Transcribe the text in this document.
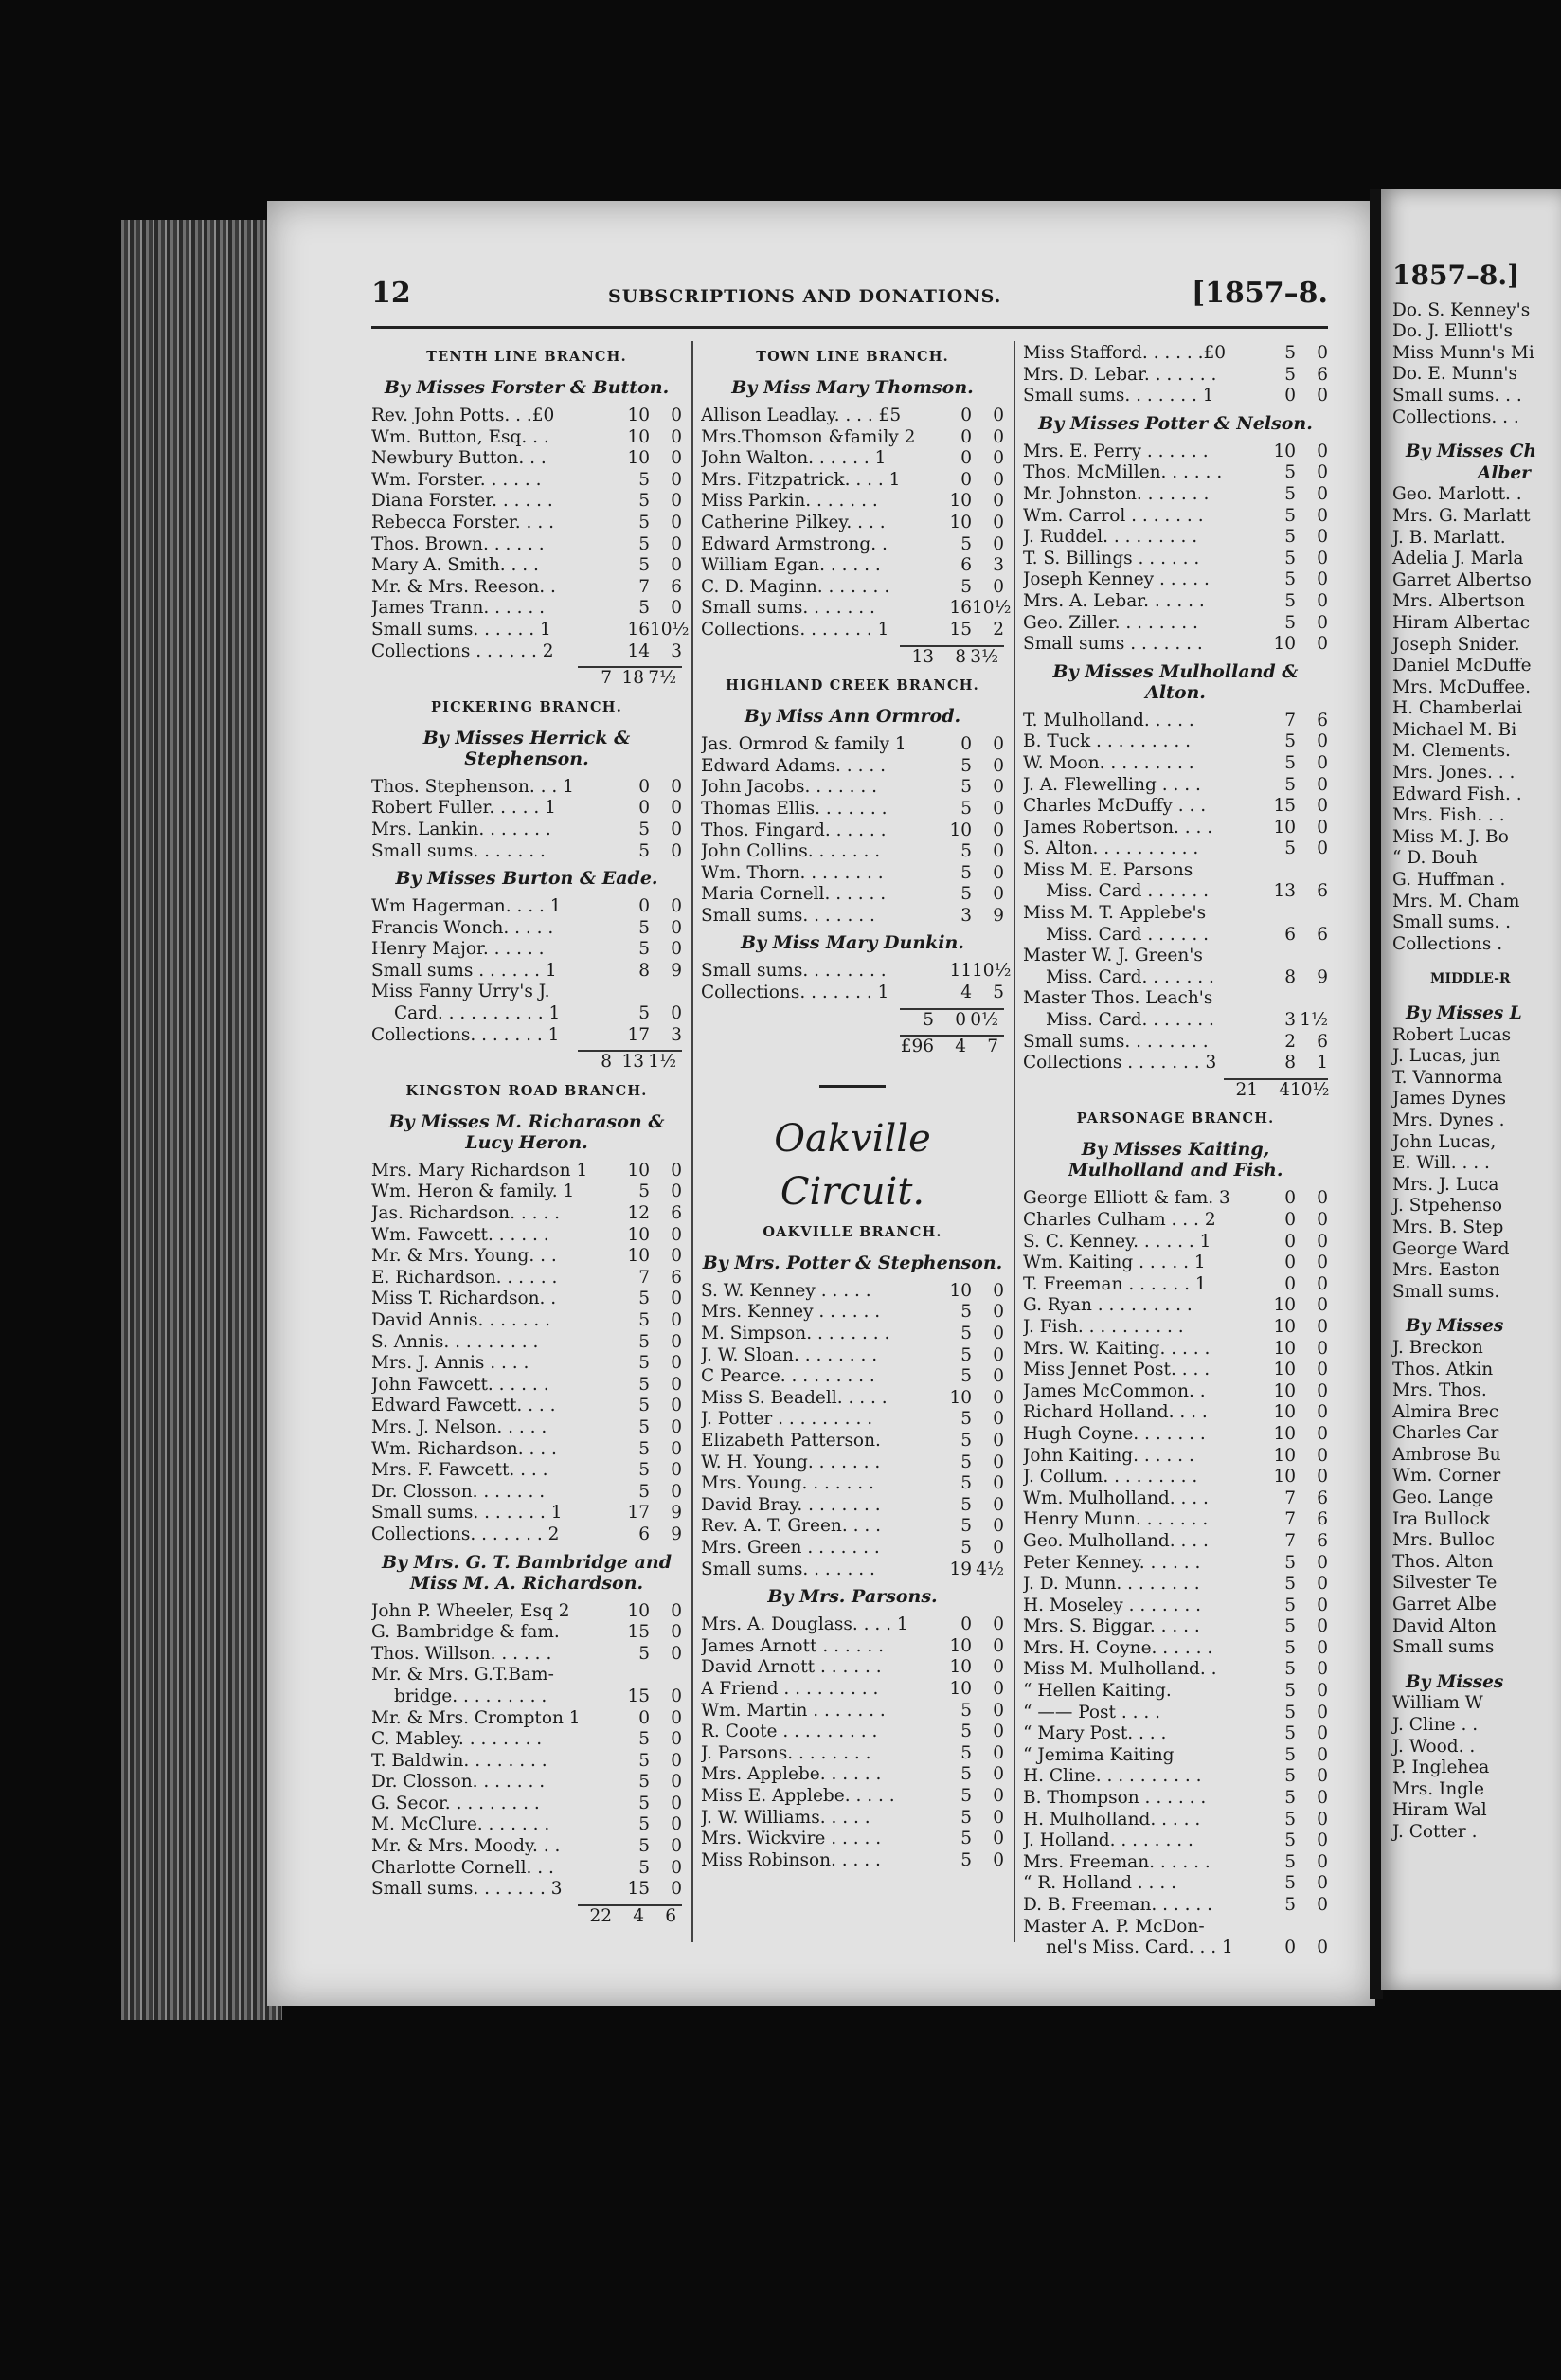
12	SUBSCRIPTIONS AND DONATIONS.	[1857–8.
TENTH LINE BRANCH.
By Misses Forster & Button.
Rev. John Potts. . .£0	10	0
Wm. Button, Esq. . .	10	0
Newbury Button. . .	10	0
Wm. Forster. . . . . .	5	0
Diana Forster. . . . . .	5	0
Rebecca Forster. . . .	5	0
Thos. Brown. . . . . .	5	0
Mary A. Smith. . . .	5	0
Mr. & Mrs. Reeson. .	7	6
James Trann. . . . . .	5	0
Small sums. . . . . . 1	16 10½
Collections . . . . . . 2	14	3
7 18 7½
PICKERING BRANCH.
By Misses Herrick & Stephenson.
Thos. Stephenson. . . 1	0	0
Robert Fuller. . . . . 1	0	0
Mrs. Lankin. . . . . . .	5	0
Small sums. . . . . . .	5	0
By Misses Burton & Eade.
Wm Hagerman. . . . 1	0	0
Francis Wonch. . . . .	5	0
Henry Major. . . . . .	5	0
Small sums . . . . . . 1	8	9
Miss Fanny Urry's J.
Card. . . . . . . . . . 1	5	0
Collections. . . . . . . 1	17	3
8 13 1½
KINGSTON ROAD BRANCH.
By Misses M. Richarason & Lucy Heron.
Mrs. Mary Richardson 1	10	0
Wm. Heron & family. 1	5	0
Jas. Richardson. . . . .	12	6
Wm. Fawcett. . . . . .	10	0
Mr. & Mrs. Young. . .	10	0
E. Richardson. . . . . .	7	6
Miss T. Richardson. .	5	0
David Annis. . . . . . .	5	0
S. Annis. . . . . . . . .	5	0
Mrs. J. Annis . . . .	5	0
John Fawcett. . . . . .	5	0
Edward Fawcett. . . .	5	0
Mrs. J. Nelson. . . . .	5	0
Wm. Richardson. . . .	5	0
Mrs. F. Fawcett. . . .	5	0
Dr. Closson. . . . . . .	5	0
Small sums. . . . . . . 1	17	9
Collections. . . . . . . 2	6	9
By Mrs. G. T. Bambridge and Miss M. A. Richardson.
John P. Wheeler, Esq 2	10	0
G. Bambridge & fam.	15	0
Thos. Willson. . . . . .	5	0
Mr. & Mrs. G.T.Bam-
bridge. . . . . . . . .	15	0
Mr. & Mrs. Crompton 1	0	0
C. Mabley. . . . . . . .	5	0
T. Baldwin. . . . . . . .	5	0
Dr. Closson. . . . . . .	5	0
G. Secor. . . . . . . . .	5	0
M. McClure. . . . . . .	5	0
Mr. & Mrs. Moody. . .	5	0
Charlotte Cornell. . .	5	0
Small sums. . . . . . . 3	15	0
22	4	6
TOWN LINE BRANCH.
By Miss Mary Thomson.
Allison Leadlay. . . . £5	0	0
Mrs.Thomson &family 2	0	0
John Walton. . . . . . 1	0	0
Mrs. Fitzpatrick. . . . 1	0	0
Miss Parkin. . . . . . .	10	0
Catherine Pilkey. . . .	10	0
Edward Armstrong. .	5	0
William Egan. . . . . .	6	3
C. D. Maginn. . . . . . .	5	0
Small sums. . . . . . .	16 10½
Collections. . . . . . . 1	15	2
13	8 3½
HIGHLAND CREEK BRANCH.
By Miss Ann Ormrod.
Jas. Ormrod & family 1	0	0
Edward Adams. . . . .	5	0
John Jacobs. . . . . . .	5	0
Thomas Ellis. . . . . . .	5	0
Thos. Fingard. . . . . .	10	0
John Collins. . . . . . .	5	0
Wm. Thorn. . . . . . . .	5	0
Maria Cornell. . . . . .	5	0
Small sums. . . . . . .	3	9
By Miss Mary Dunkin.
Small sums. . . . . . . .	11 10½
Collections. . . . . . . 1	4	5
5	0 0½
£96	4	7
Oakville Circuit.
OAKVILLE BRANCH.
By Mrs. Potter & Stephenson.
S. W. Kenney . . . . .	10	0
Mrs. Kenney . . . . . .	5	0
M. Simpson. . . . . . . .	5	0
J. W. Sloan. . . . . . . .	5	0
C Pearce. . . . . . . . .	5	0
Miss S. Beadell. . . . .	10	0
J. Potter . . . . . . . . .	5	0
Elizabeth Patterson.	5	0
W. H. Young. . . . . . .	5	0
Mrs. Young. . . . . . .	5	0
David Bray. . . . . . . .	5	0
Rev. A. T. Green. . . .	5	0
Mrs. Green . . . . . . .	5	0
Small sums. . . . . . .	19 4½
By Mrs. Parsons.
Mrs. A. Douglass. . . . 1	0	0
James Arnott . . . . . .	10	0
David Arnott . . . . . .	10	0
A Friend . . . . . . . . .	10	0
Wm. Martin . . . . . . .	5	0
R. Coote . . . . . . . . .	5	0
J. Parsons. . . . . . . .	5	0
Mrs. Applebe. . . . . .	5	0
Miss E. Applebe. . . . .	5	0
J. W. Williams. . . . .	5	0
Mrs. Wickvire . . . . .	5	0
Miss Robinson. . . . .	5	0
Miss Stafford. . . . . .£0	5	0
Mrs. D. Lebar. . . . . . .	5	6
Small sums. . . . . . . 1	0	0
By Misses Potter & Nelson.
Mrs. E. Perry . . . . . .	10	0
Thos. McMillen. . . . . .	5	0
Mr. Johnston. . . . . . .	5	0
Wm. Carrol . . . . . . .	5	0
J. Ruddel. . . . . . . . .	5	0
T. S. Billings . . . . . .	5	0
Joseph Kenney . . . . .	5	0
Mrs. A. Lebar. . . . . .	5	0
Geo. Ziller. . . . . . . .	5	0
Small sums . . . . . . .	10	0
By Misses Mulholland & Alton.
T. Mulholland. . . . .	7	6
B. Tuck . . . . . . . . .	5	0
W. Moon. . . . . . . . .	5	0
J. A. Flewelling . . . .	5	0
Charles McDuffy . . .	15	0
James Robertson. . . .	10	0
S. Alton. . . . . . . . . .	5	0
Miss M. E. Parsons
Miss. Card . . . . . .	13	6
Miss M. T. Applebe's
Miss. Card . . . . . .	6	6
Master W. J. Green's
Miss. Card. . . . . . .	8	9
Master Thos. Leach's
Miss. Card. . . . . . .	3 1½
Small sums. . . . . . . .	2	6
Collections . . . . . . . 3	8	1
21	4 10½
PARSONAGE BRANCH.
By Misses Kaiting, Mulholland and Fish.
George Elliott & fam. 3	0	0
Charles Culham . . . 2	0	0
S. C. Kenney. . . . . . 1	0	0
Wm. Kaiting . . . . . 1	0	0
T. Freeman . . . . . . 1	0	0
G. Ryan . . . . . . . . .	10	0
J. Fish. . . . . . . . . .	10	0
Mrs. W. Kaiting. . . . .	10	0
Miss Jennet Post. . . .	10	0
James McCommon. .	10	0
Richard Holland. . . .	10	0
Hugh Coyne. . . . . . .	10	0
John Kaiting. . . . . .	10	0
J. Collum. . . . . . . . .	10	0
Wm. Mulholland. . . .	7	6
Henry Munn. . . . . . .	7	6
Geo. Mulholland. . . .	7	6
Peter Kenney. . . . . .	5	0
J. D. Munn. . . . . . . .	5	0
H. Moseley . . . . . . .	5	0
Mrs. S. Biggar. . . . .	5	0
Mrs. H. Coyne. . . . . .	5	0
Miss M. Mulholland. .	5	0
“ Hellen Kaiting.	5	0
“ —— Post . . . .	5	0
“ Mary Post. . . .	5	0
“ Jemima Kaiting	5	0
H. Cline. . . . . . . . . .	5	0
B. Thompson . . . . . .	5	0
H. Mulholland. . . . .	5	0
J. Holland. . . . . . . .	5	0
Mrs. Freeman. . . . . .	5	0
“ R. Holland . . . .	5	0
D. B. Freeman. . . . . .	5	0
Master A. P. McDon-
nel's Miss. Card. . . 1	0	0
1857–8.]
Do. S. Kenney's
Do. J. Elliott's
Miss Munn's Mi
Do. E. Munn's
Small sums. . .
Collections. . .
By Misses Ch
Alber
Geo. Marlott. .
Mrs. G. Marlatt
J. B. Marlatt.
Adelia J. Marla
Garret Albertso
Mrs. Albertson
Hiram Albertac
Joseph Snider.
Daniel McDuffe
Mrs. McDuffee.
H. Chamberlai
Michael M. Bi
M. Clements.
Mrs. Jones. . .
Edward Fish. .
Mrs. Fish. . .
Miss M. J. Bo
“ D. Bouh
G. Huffman .
Mrs. M. Cham
Small sums. .
Collections .
MIDDLE-R
By Misses L
Robert Lucas
J. Lucas, jun
T. Vannorma
James Dynes
Mrs. Dynes .
John Lucas,
E. Will. . . .
Mrs. J. Luca
J. Stpehenso
Mrs. B. Step
George Ward
Mrs. Easton
Small sums.
By Misses
J. Breckon
Thos. Atkin
Mrs. Thos.
Almira Brec
Charles Car
Ambrose Bu
Wm. Corner
Geo. Lange
Ira Bullock
Mrs. Bulloc
Thos. Alton
Silvester Te
Garret Albe
David Alton
Small sums
By Misses
William W
J. Cline . .
J. Wood. .
P. Inglehea
Mrs. Ingle
Hiram Wal
J. Cotter .
